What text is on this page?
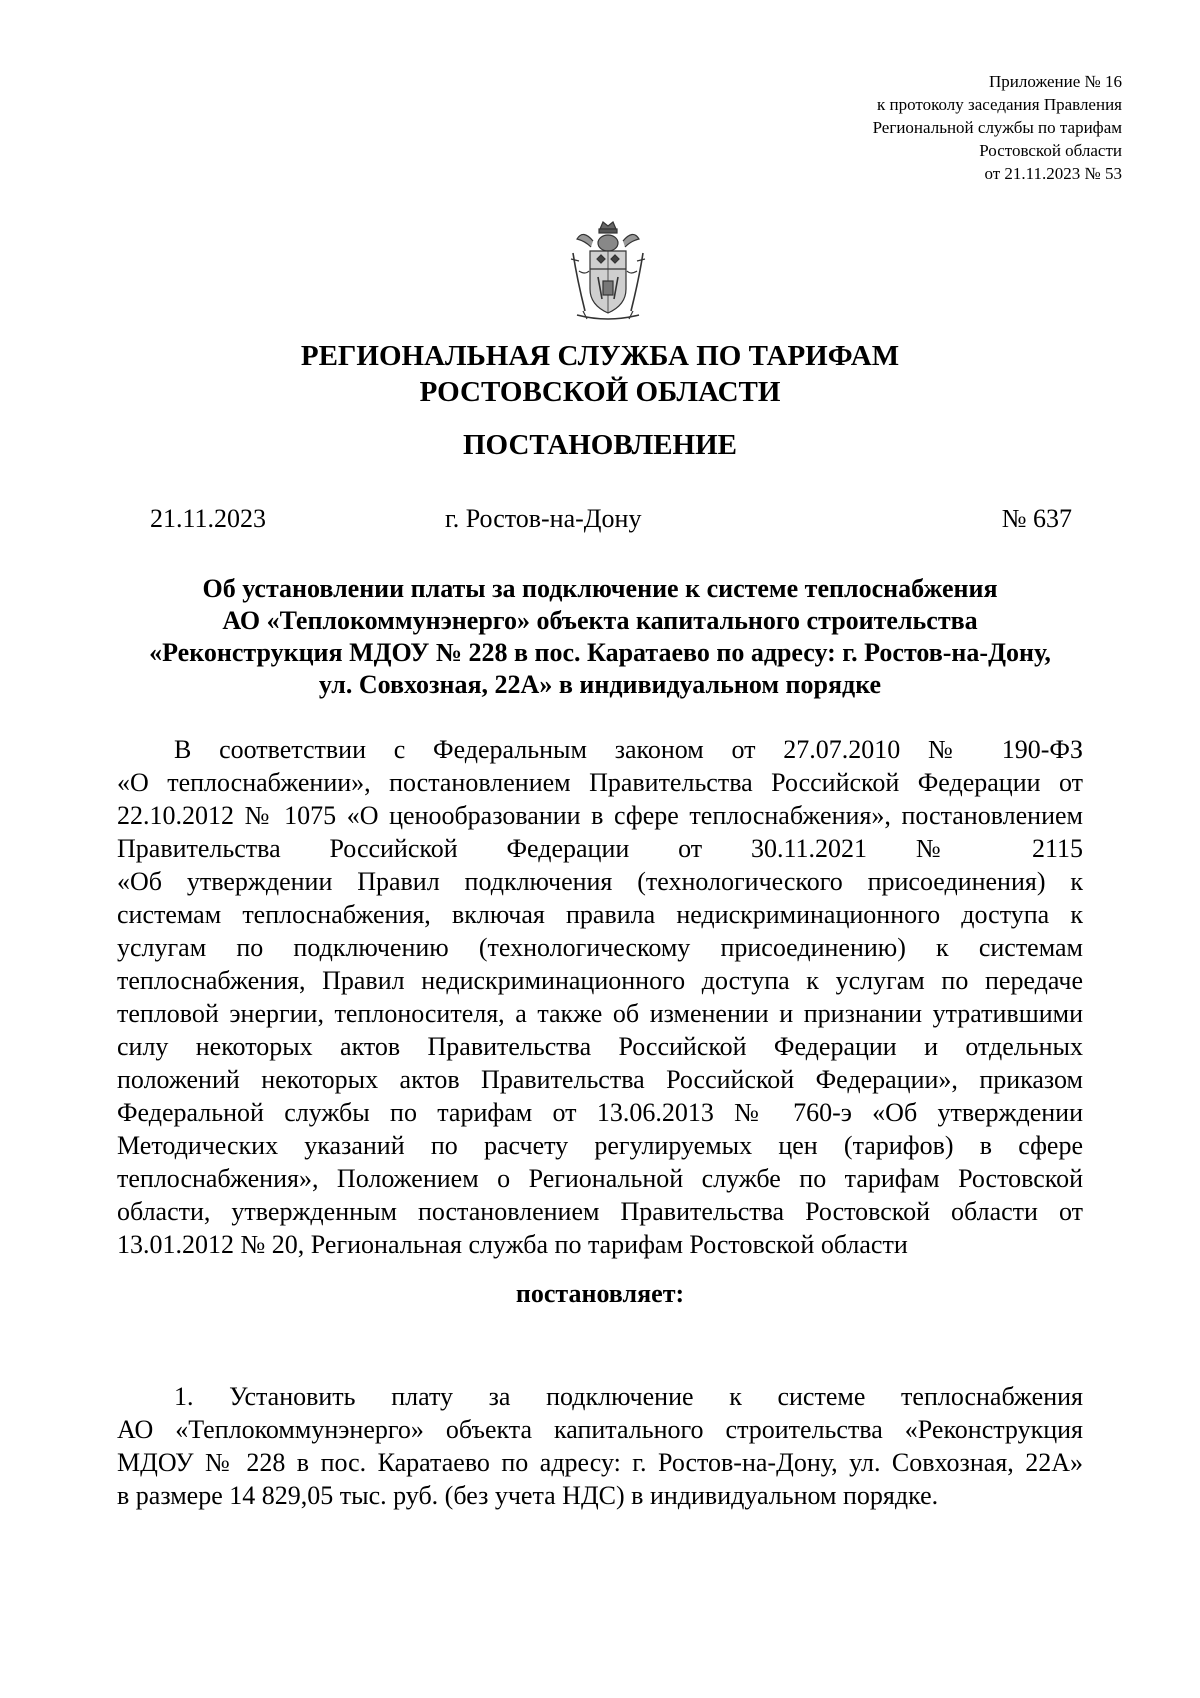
Приложение № 16
к протоколу заседания Правления
Региональной службы по тарифам
Ростовской области
от 21.11.2023 № 53
РЕГИОНАЛЬНАЯ СЛУЖБА ПО ТАРИФАМ
РОСТОВСКОЙ ОБЛАСТИ
ПОСТАНОВЛЕНИЕ
21.11.2023	г. Ростов-на-Дону	№ 637
Об установлении платы за подключение к системе теплоснабжения
АО «Теплокоммунэнерго» объекта капитального строительства
«Реконструкция МДОУ № 228 в пос. Каратаево по адресу: г. Ростов-на-Дону,
ул. Совхозная, 22А» в индивидуальном порядке
В соответствии с Федеральным законом от 27.07.2010 № 190-ФЗ
«О теплоснабжении», постановлением Правительства Российской Федерации от
22.10.2012 № 1075 «О ценообразовании в сфере теплоснабжения», постановлением
Правительства Российской Федерации от 30.11.2021 № 2115
«Об утверждении Правил подключения (технологического присоединения) к
системам теплоснабжения, включая правила недискриминационного доступа к
услугам по подключению (технологическому присоединению) к системам
теплоснабжения, Правил недискриминационного доступа к услугам по передаче
тепловой энергии, теплоносителя, а также об изменении и признании утратившими
силу некоторых актов Правительства Российской Федерации и отдельных
положений некоторых актов Правительства Российской Федерации», приказом
Федеральной службы по тарифам от 13.06.2013 № 760-э «Об утверждении
Методических указаний по расчету регулируемых цен (тарифов) в сфере
теплоснабжения», Положением о Региональной службе по тарифам Ростовской
области, утвержденным постановлением Правительства Ростовской области от
13.01.2012 № 20, Региональная служба по тарифам Ростовской области
постановляет:
1. Установить плату за подключение к системе теплоснабжения
АО «Теплокоммунэнерго» объекта капитального строительства «Реконструкция
МДОУ № 228 в пос. Каратаево по адресу: г. Ростов-на-Дону, ул. Совхозная, 22А»
в размере 14 829,05 тыс. руб. (без учета НДС) в индивидуальном порядке.
